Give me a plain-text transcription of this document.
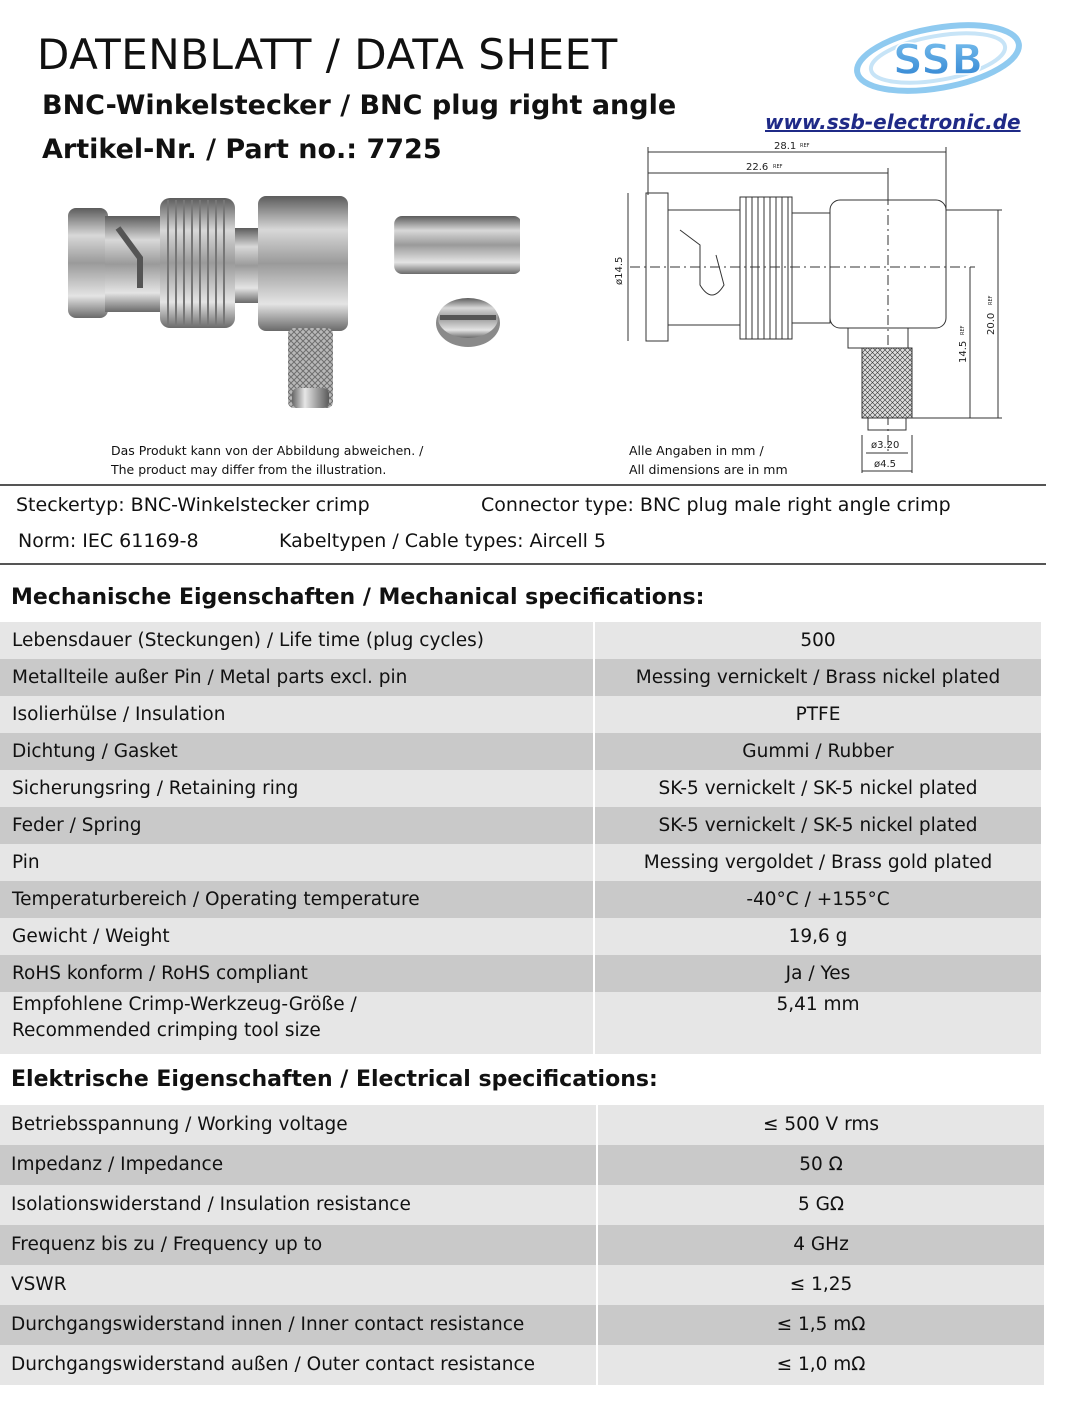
DATENBLATT / DATA SHEET
BNC-Winkelstecker / BNC plug right angle
Artikel-Nr. / Part no.: 7725
SSB
www.ssb-electronic.de
28.1 REF
22.6 REF
ø14.5
20.0
REF
14.5
REF
ø3.20
ø4.5
Das Produkt kann von der Abbildung abweichen. /
The product may differ from the illustration.
Alle Angaben in mm /
All dimensions are in mm
Steckertyp: BNC-Winkelstecker crimp	Connector type: BNC plug male right angle crimp
Norm: IEC 61169-8	Kabeltypen / Cable types: Aircell 5
Mechanische Eigenschaften / Mechanical specifications:
Lebensdauer (Steckungen) / Life time (plug cycles)	500
Metallteile außer Pin / Metal parts excl. pin	Messing vernickelt / Brass nickel plated
Isolierhülse / Insulation	PTFE
Dichtung / Gasket	Gummi / Rubber
Sicherungsring / Retaining ring	SK-5 vernickelt / SK-5 nickel plated
Feder / Spring	SK-5 vernickelt / SK-5 nickel plated
Pin	Messing vergoldet / Brass gold plated
Temperaturbereich / Operating temperature	-40°C / +155°C
Gewicht / Weight	19,6 g
RoHS konform / RoHS compliant	Ja / Yes

Empfohlene Crimp-Werkzeug-Größe /
Recommended crimping tool size	5,41 mm
Elektrische Eigenschaften / Electrical specifications:
Betriebsspannung / Working voltage	≤ 500 V rms
Impedanz / Impedance	50 Ω
Isolationswiderstand / Insulation resistance	5 GΩ
Frequenz bis zu / Frequency up to	4 GHz
VSWR	≤ 1,25
Durchgangswiderstand innen / Inner contact resistance	≤ 1,5 mΩ
Durchgangswiderstand außen / Outer contact resistance	≤ 1,0 mΩ
